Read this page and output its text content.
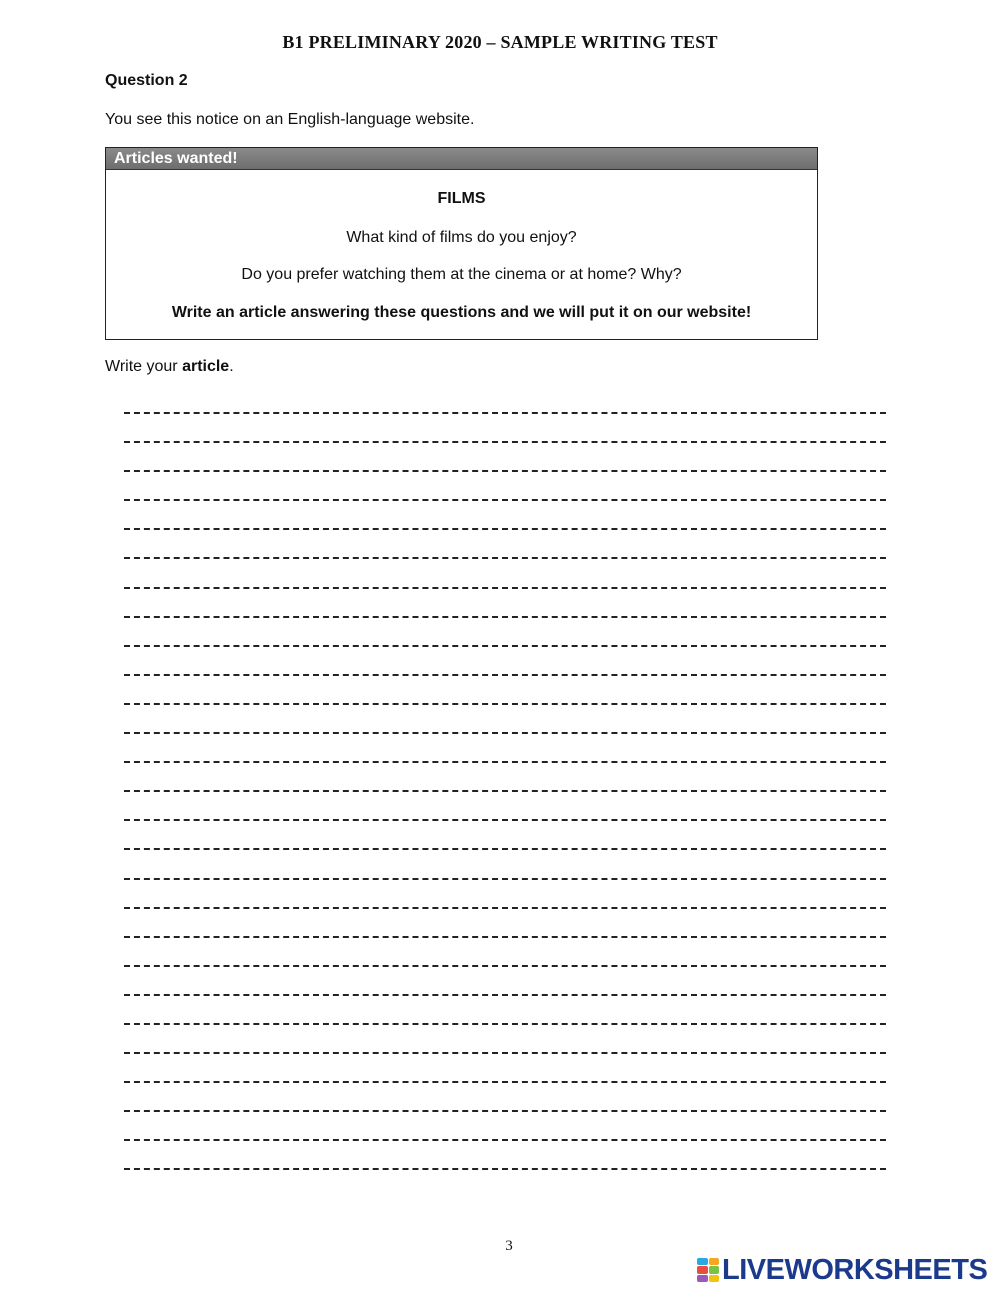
B1 PRELIMINARY 2020 – SAMPLE WRITING TEST
Question 2
You see this notice on an English-language website.
Articles wanted!
FILMS
What kind of films do you enjoy?
Do you prefer watching them at the cinema or at home? Why?
Write an article answering these questions and we will put it on our website!
Write your article.
3
LIVEWORKSHEETS
